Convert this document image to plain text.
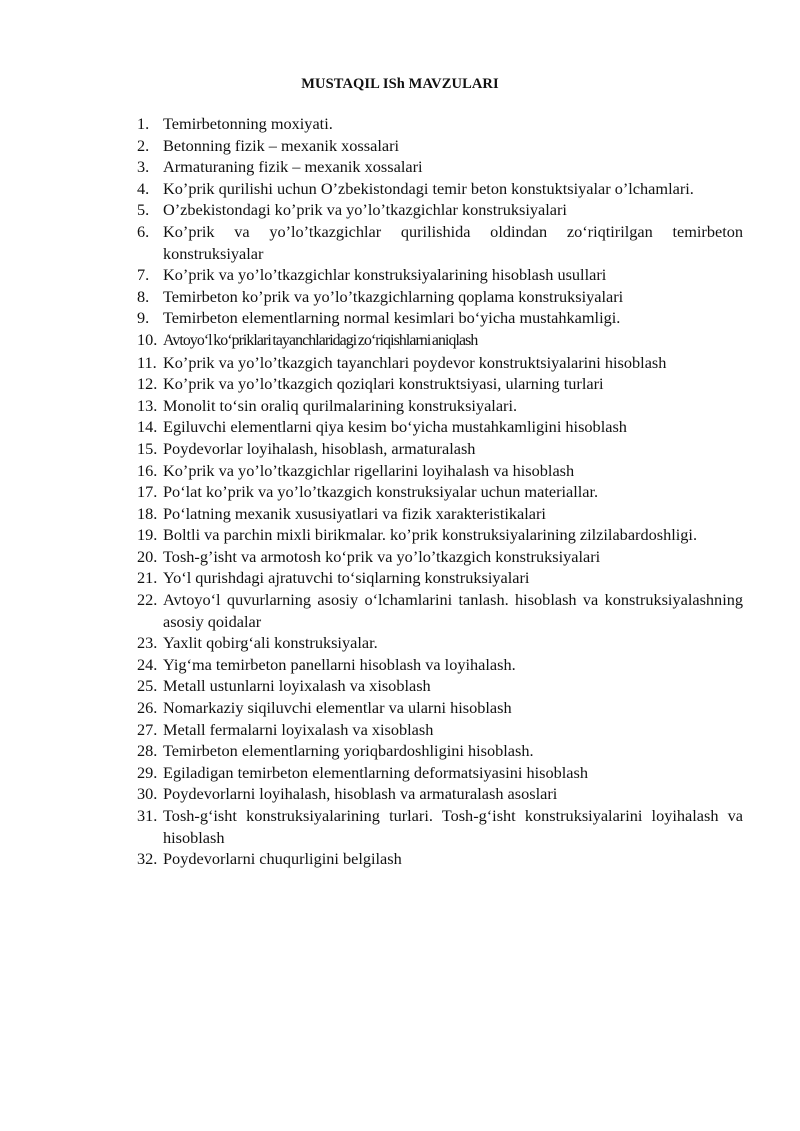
MUSTAQIL ISh MAVZULARI
1. Temirbetonning moxiyati.
2. Betonning fizik – mexanik xossalari
3. Armaturaning fizik – mexanik xossalari
4. Ko’prik qurilishi uchun O’zbekistondagi temir beton konstuktsiyalar o’lchamlari.
5. O’zbekistondagi ko’prik va yo’lo’tkazgichlar konstruksiyalari
6. Ko’prik va yo’lo’tkazgichlar qurilishida oldindan zo‘riqtirilgan temirbeton konstruksiyalar
7. Ko’prik va yo’lo’tkazgichlar konstruksiyalarining hisoblash usullari
8. Temirbeton ko’prik va yo’lo’tkazgichlarning qoplama konstruksiyalari
9. Temirbeton elementlarning normal kesimlari bo‘yicha mustahkamligi.
10. Avtoyo‘l ko‘priklari tayanchlaridagi zo‘riqishlarni aniqlash
11. Ko’prik va yo’lo’tkazgich tayanchlari poydevor konstruktsiyalarini hisoblash
12. Ko’prik va yo’lo’tkazgich qoziqlari konstruktsiyasi, ularning turlari
13. Monolit to‘sin oraliq qurilmalarining konstruksiyalari.
14. Egiluvchi elementlarni qiya kesim bo‘yicha mustahkamligini hisoblash
15. Poydevorlar loyihalash, hisoblash, armaturalash
16. Ko’prik va yo’lo’tkazgichlar rigellarini loyihalash va hisoblash
17. Po‘lat ko’prik va yo’lo’tkazgich konstruksiyalar uchun materiallar.
18. Po‘latning mexanik xususiyatlari va fizik xarakteristikalari
19. Boltli va parchin mixli birikmalar. ko’prik konstruksiyalarining zilzilabardoshligi.
20. Tosh-g’isht va armotosh ko‘prik va yo’lo’tkazgich konstruksiyalari
21. Yo‘l qurishdagi ajratuvchi to‘siqlarning konstruksiyalari
22. Avtoyo‘l quvurlarning asosiy o‘lchamlarini tanlash. hisoblash va konstruksiyalashning asosiy qoidalar
23. Yaxlit qobirg‘ali konstruksiyalar.
24. Yig‘ma temirbeton panellarni hisoblash va loyihalash.
25. Metall ustunlarni loyixalash va xisoblash
26. Nomarkaziy siqiluvchi elementlar va ularni hisoblash
27. Metall fermalarni loyixalash va xisoblash
28. Temirbeton elementlarning yoriqbardoshligini hisoblash.
29. Egiladigan temirbeton elementlarning deformatsiyasini hisoblash
30. Poydevorlarni loyihalash, hisoblash va armaturalash asoslari
31. Tosh-g‘isht konstruksiyalarining turlari. Tosh-g‘isht konstruksiyalarini loyihalash va hisoblash
32. Poydevorlarni chuqurligini belgilash
